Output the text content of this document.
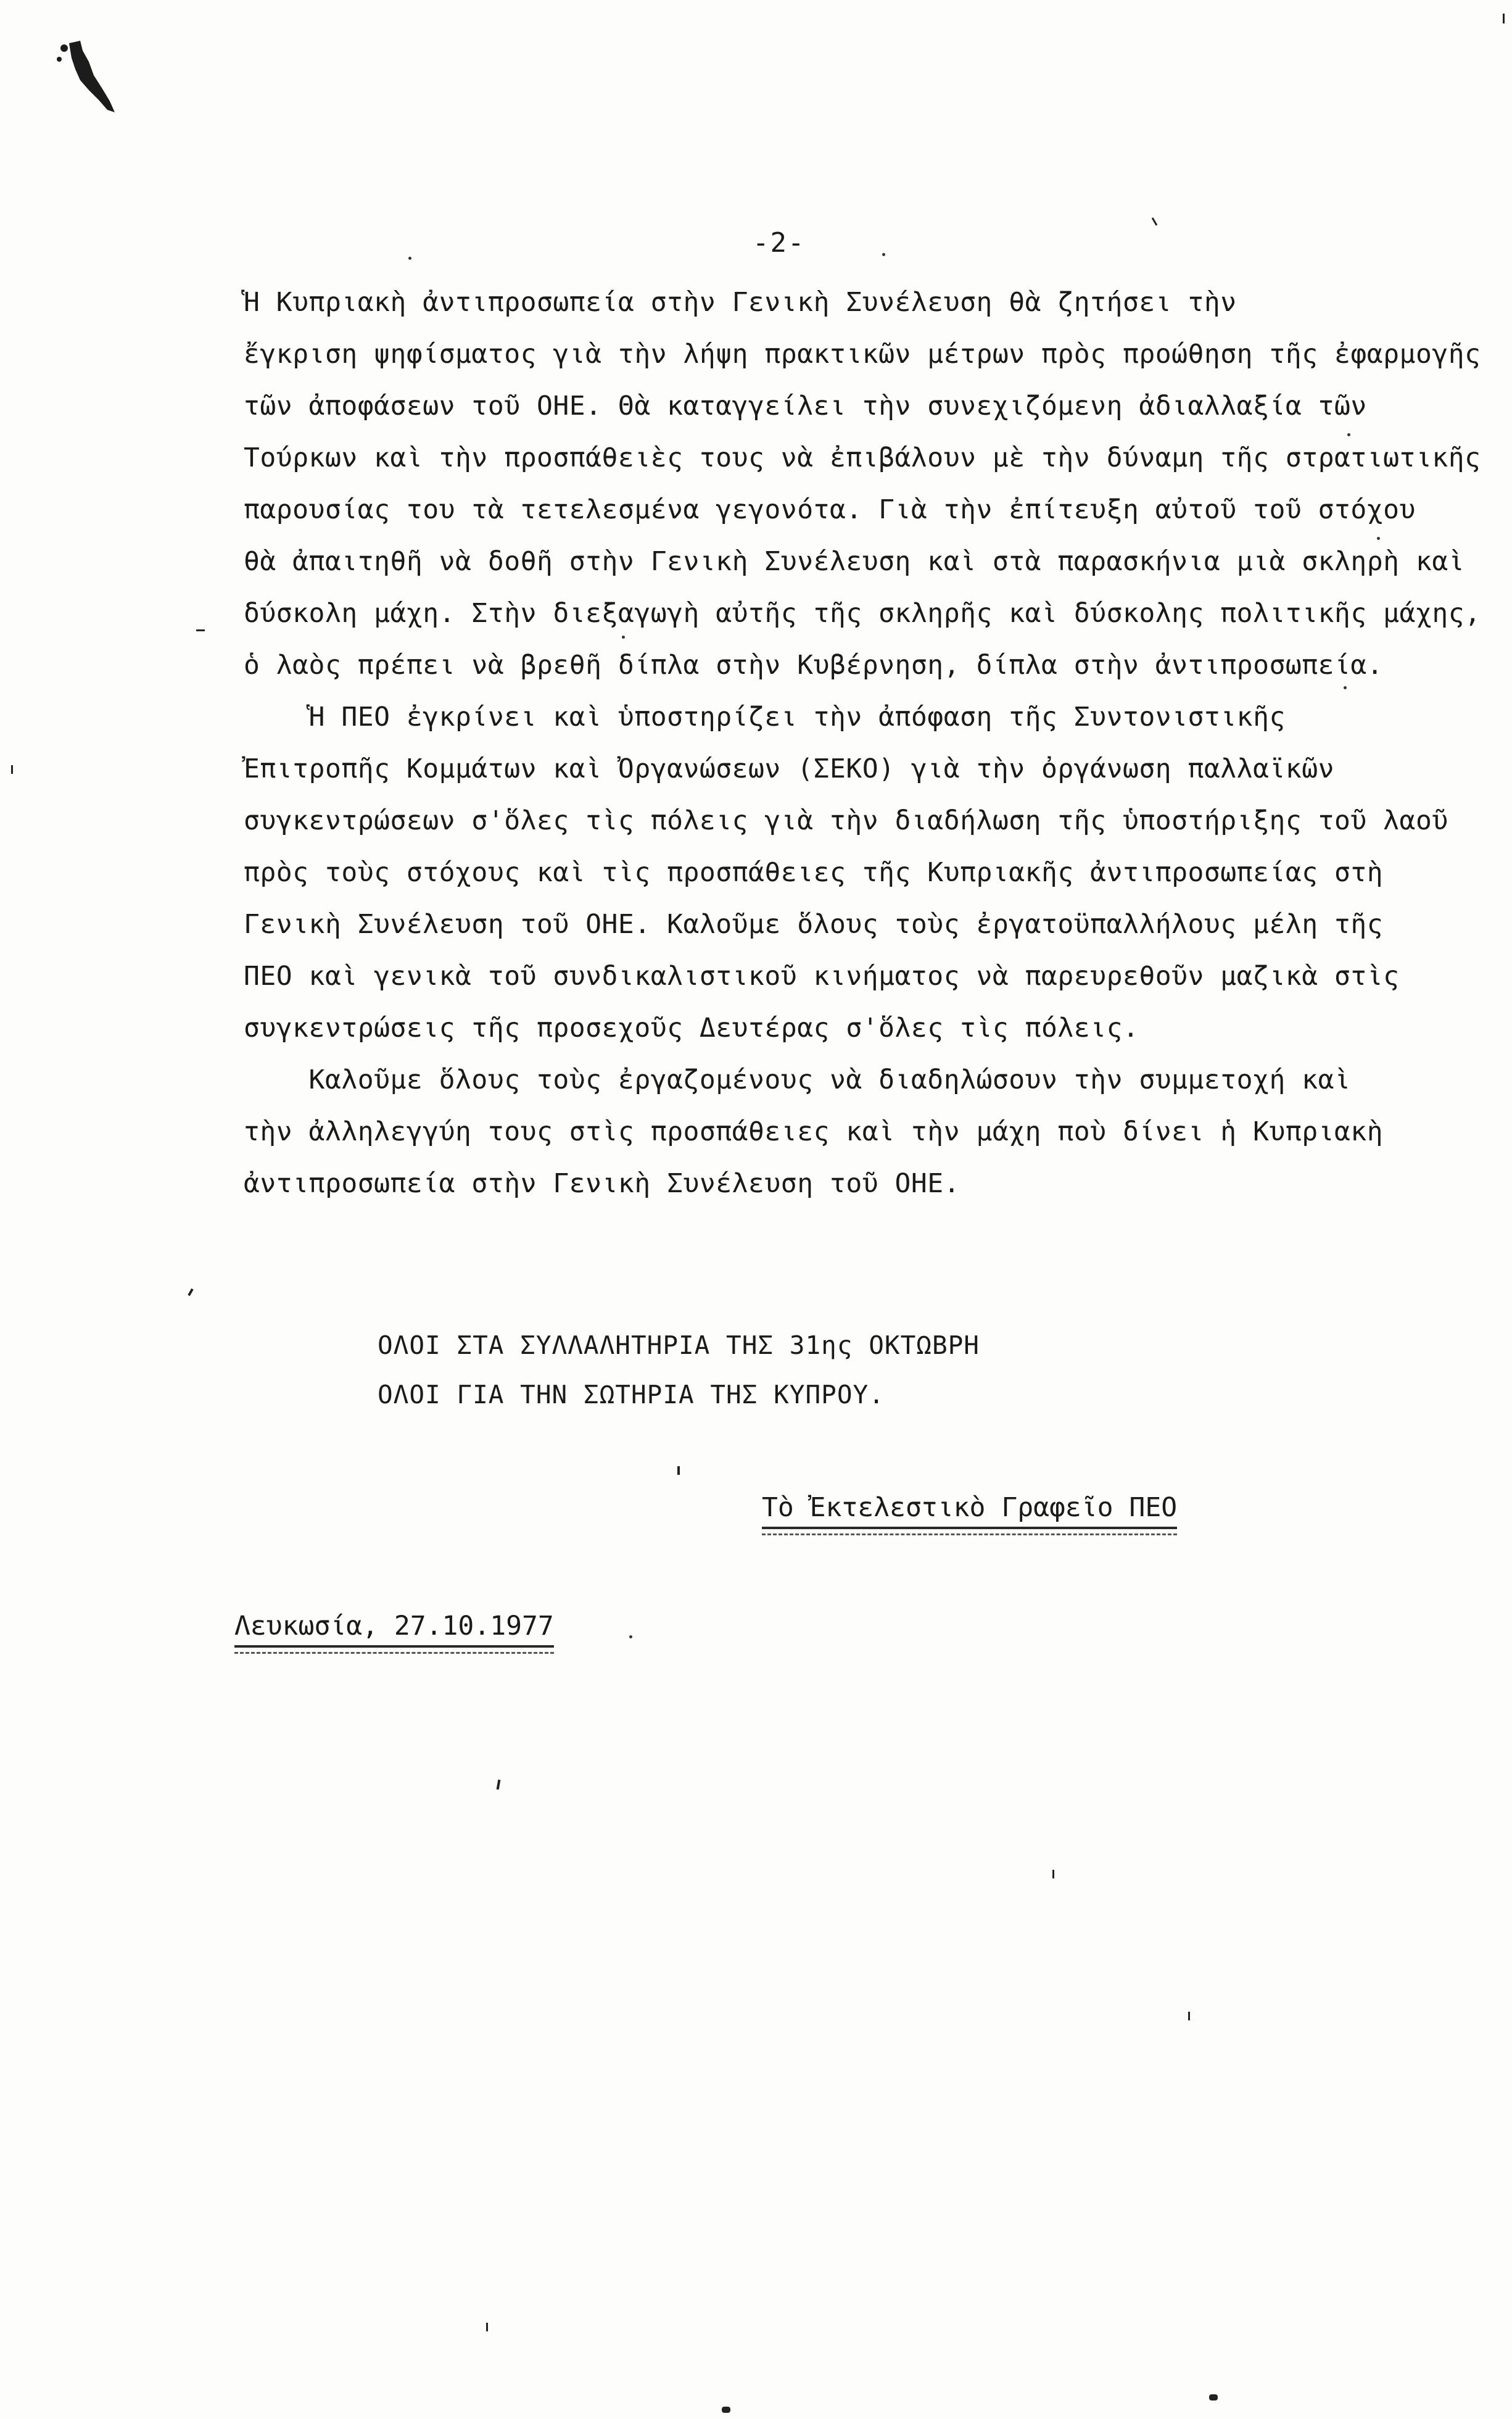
-2-

Ἡ Κυπριακὴ ἀντιπροσωπεία στὴν Γενικὴ Συνέλευση θὰ ζητήσει τὴν
ἔγκριση ψηφίσματος γιὰ τὴν λήψη πρακτικῶν μέτρων πρὸς προώθηση τῆς ἐφαρμογῆς
τῶν ἀποφάσεων τοῦ ΟΗΕ. Θὰ καταγγείλει τὴν συνεχιζόμενη ἀδιαλλαξία τῶν
Τούρκων καὶ τὴν προσπάθειὲς τους νὰ ἐπιβάλουν μὲ τὴν δύναμη τῆς στρατιωτικῆς
παρουσίας του τὰ τετελεσμένα γεγονότα. Γιὰ τὴν ἐπίτευξη αὐτοῦ τοῦ στόχου
θὰ ἀπαιτηθῆ νὰ δοθῆ στὴν Γενικὴ Συνέλευση καὶ στὰ παρασκήνια μιὰ σκληρὴ καὶ
δύσκολη μάχη. Στὴν διεξαγωγὴ αὐτῆς τῆς σκληρῆς καὶ δύσκολης πολιτικῆς μάχης,
ὁ λαὸς πρέπει νὰ βρεθῆ δίπλα στὴν Κυβέρνηση, δίπλα στὴν ἀντιπροσωπεία.

Ἡ ΠΕΟ ἐγκρίνει καὶ ὑποστηρίζει τὴν ἀπόφαση τῆς Συντονιστικῆς
Ἐπιτροπῆς Κομμάτων καὶ Ὀργανώσεων (ΣΕΚΟ) γιὰ τὴν ὀργάνωση παλλαϊκῶν
συγκεντρώσεων σ'ὅλες τὶς πόλεις γιὰ τὴν διαδήλωση τῆς ὑποστήριξης τοῦ λαοῦ
πρὸς τοὺς στόχους καὶ τὶς προσπάθειες τῆς Κυπριακῆς ἀντιπροσωπείας στὴ
Γενικὴ Συνέλευση τοῦ ΟΗΕ. Καλοῦμε ὅλους τοὺς ἐργατοϋπαλλήλους μέλη τῆς
ΠΕΟ καὶ γενικὰ τοῦ συνδικαλιστικοῦ κινήματος νὰ παρευρεθοῦν μαζικὰ στὶς
συγκεντρώσεις τῆς προσεχοῦς Δευτέρας σ'ὅλες τὶς πόλεις.

Καλοῦμε ὅλους τοὺς ἐργαζομένους νὰ διαδηλώσουν τὴν συμμετοχή καὶ
τὴν ἀλληλεγγύη τους στὶς προσπάθειες καὶ τὴν μάχη ποὺ δίνει ἡ Κυπριακὴ
ἀντιπροσωπεία στὴν Γενικὴ Συνέλευση τοῦ ΟΗΕ.

ΟΛΟΙ ΣΤΑ ΣΥΛΛΑΛΗΤΗΡΙΑ ΤΗΣ 31ης ΟΚΤΩΒΡΗ
ΟΛΟΙ ΓΙΑ ΤΗΝ ΣΩΤΗΡΙΑ ΤΗΣ ΚΥΠΡΟΥ.
Τὸ Ἐκτελεστικὸ Γραφεῖο ΠΕΟ
Λευκωσία, 27.10.1977
